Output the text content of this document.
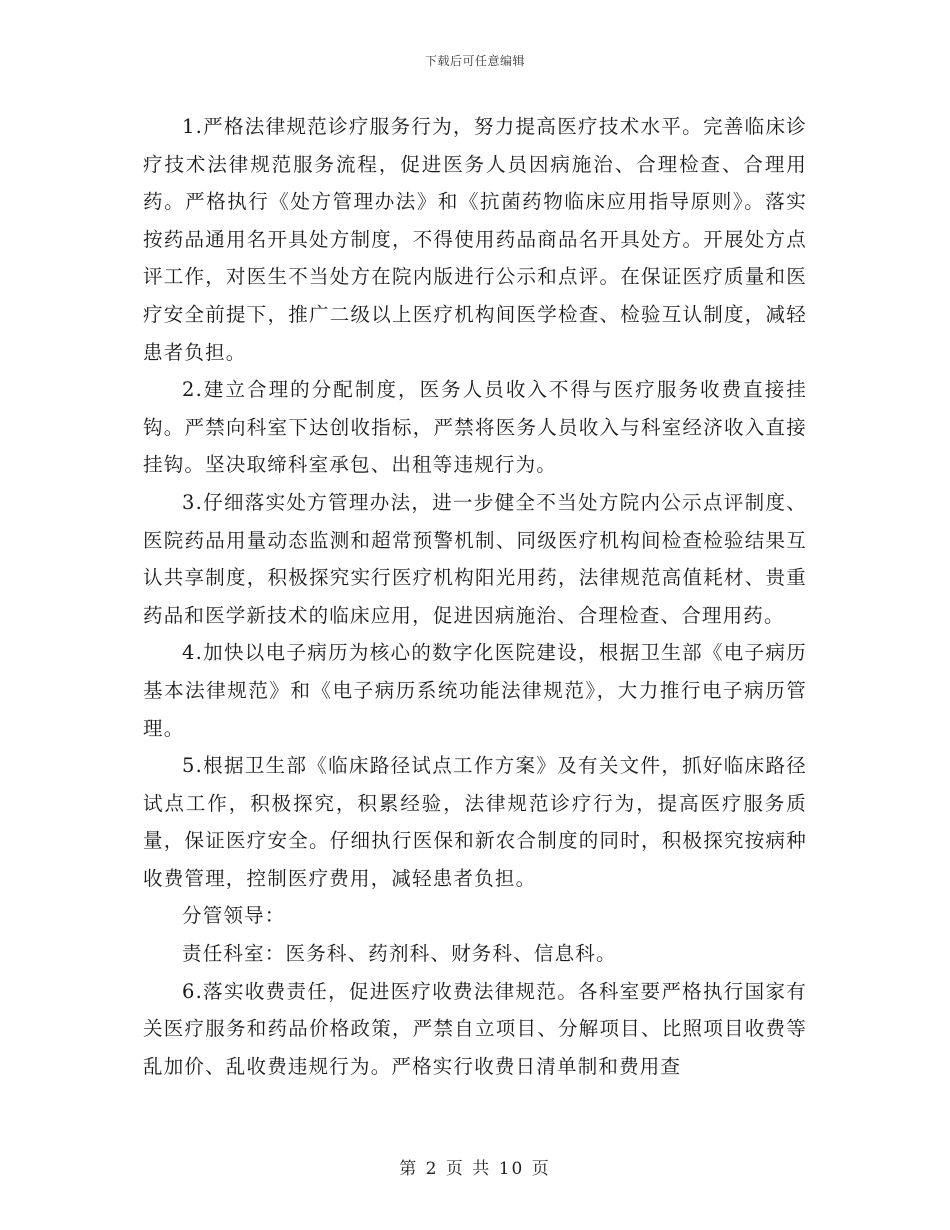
下载后可任意编辑

1.严格法律规范诊疗服务行为，努力提高医疗技术水平。完善临床诊疗技术法律规范服务流程，促进医务人员因病施治、合理检查、合理用药。严格执行《处方管理办法》和《抗菌药物临床应用指导原则》。落实按药品通用名开具处方制度，不得使用药品商品名开具处方。开展处方点评工作，对医生不当处方在院内版进行公示和点评。在保证医疗质量和医疗安全前提下，推广二级以上医疗机构间医学检查、检验互认制度，减轻患者负担。

2.建立合理的分配制度，医务人员收入不得与医疗服务收费直接挂钩。严禁向科室下达创收指标，严禁将医务人员收入与科室经济收入直接挂钩。坚决取缔科室承包、出租等违规行为。

3.仔细落实处方管理办法，进一步健全不当处方院内公示点评制度、医院药品用量动态监测和超常预警机制、同级医疗机构间检查检验结果互认共享制度，积极探究实行医疗机构阳光用药，法律规范高值耗材、贵重药品和医学新技术的临床应用，促进因病施治、合理检查、合理用药。

4.加快以电子病历为核心的数字化医院建设，根据卫生部《电子病历基本法律规范》和《电子病历系统功能法律规范》，大力推行电子病历管理。

5.根据卫生部《临床路径试点工作方案》及有关文件，抓好临床路径试点工作，积极探究，积累经验，法律规范诊疗行为，提高医疗服务质量，保证医疗安全。仔细执行医保和新农合制度的同时，积极探究按病种收费管理，控制医疗费用，减轻患者负担。

分管领导：

责任科室：医务科、药剂科、财务科、信息科。

6.落实收费责任，促进医疗收费法律规范。各科室要严格执行国家有关医疗服务和药品价格政策，严禁自立项目、分解项目、比照项目收费等乱加价、乱收费违规行为。严格实行收费日清单制和费用查

第 2 页 共 10 页
